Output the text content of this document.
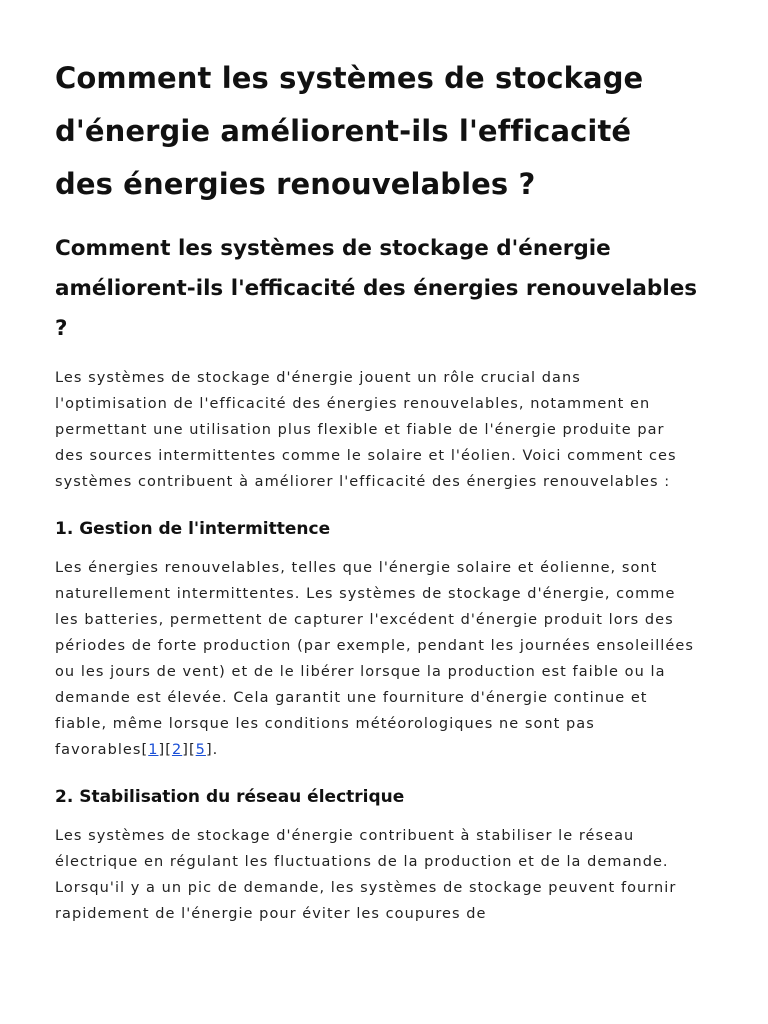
Comment les systèmes de stockage d'énergie améliorent-ils l'efficacité des énergies renouvelables ?
Comment les systèmes de stockage d'énergie améliorent-ils l'efficacité des énergies renouvelables ?

Les systèmes de stockage d'énergie jouent un rôle crucial dans l'optimisation de l'efficacité des énergies renouvelables, notamment en permettant une utilisation plus flexible et fiable de l'énergie produite par des sources intermittentes comme le solaire et l'éolien. Voici comment ces systèmes contribuent à améliorer l'efficacité des énergies renouvelables :

1. Gestion de l'intermittence

Les énergies renouvelables, telles que l'énergie solaire et éolienne, sont naturellement intermittentes. Les systèmes de stockage d'énergie, comme les batteries, permettent de capturer l'excédent d'énergie produit lors des périodes de forte production (par exemple, pendant les journées ensoleillées ou les jours de vent) et de le libérer lorsque la production est faible ou la demande est élevée. Cela garantit une fourniture d'énergie continue et fiable, même lorsque les conditions météorologiques ne sont pas favorables[1][2][5].

2. Stabilisation du réseau électrique

Les systèmes de stockage d'énergie contribuent à stabiliser le réseau électrique en régulant les fluctuations de la production et de la demande. Lorsqu'il y a un pic de demande, les systèmes de stockage peuvent fournir rapidement de l'énergie pour éviter les coupures de
